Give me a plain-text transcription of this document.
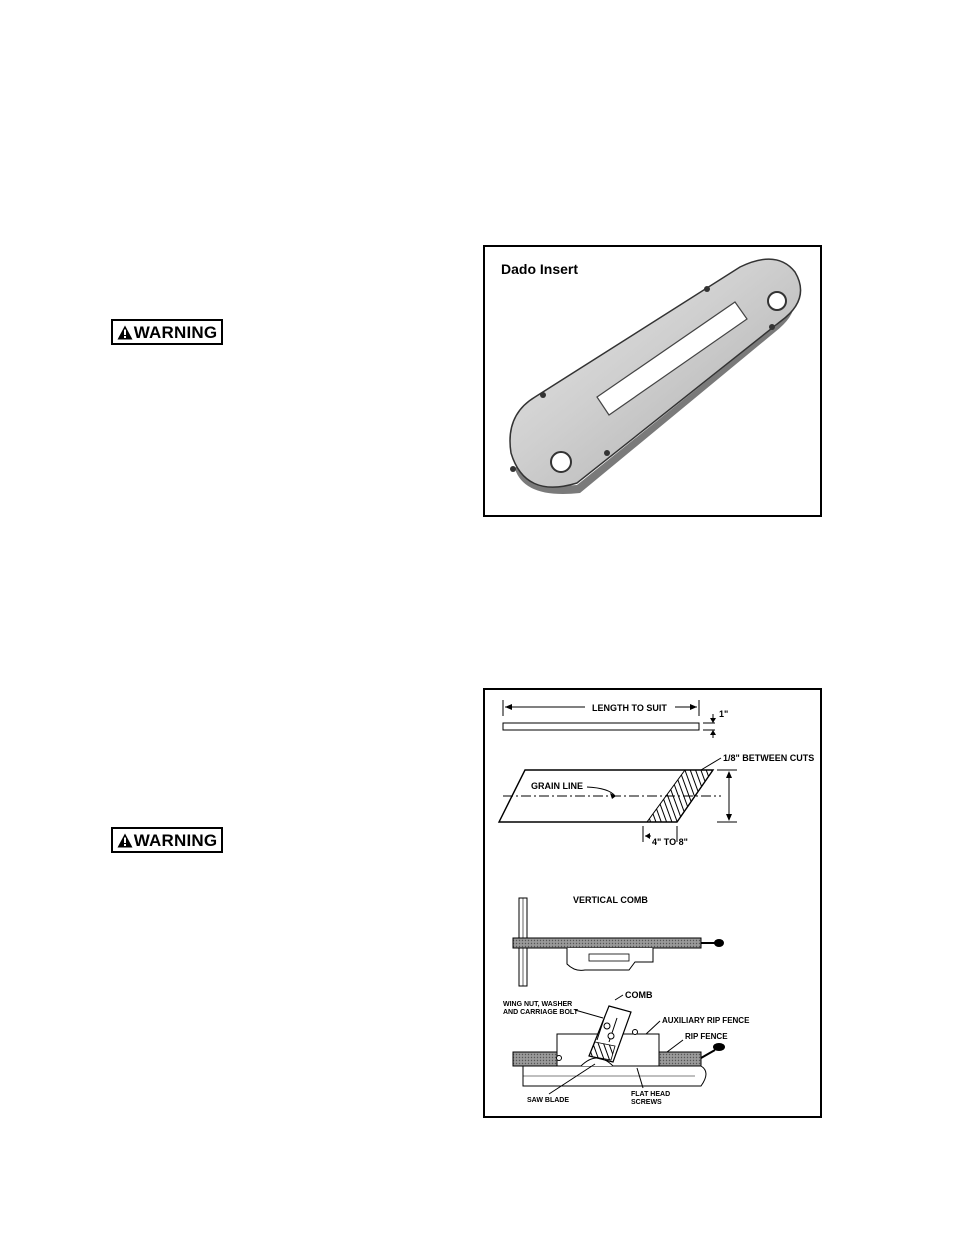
WARNING
Dado Insert
WARNING
LENGTH TO SUIT
1"
GRAIN LINE
1/8" BETWEEN CUTS
4" TO 8"
VERTICAL COMB
COMB
WING NUT, WASHER
AND CARRIAGE BOLT
AUXILIARY RIP FENCE
RIP FENCE
SAW BLADE
FLAT HEAD
SCREWS
